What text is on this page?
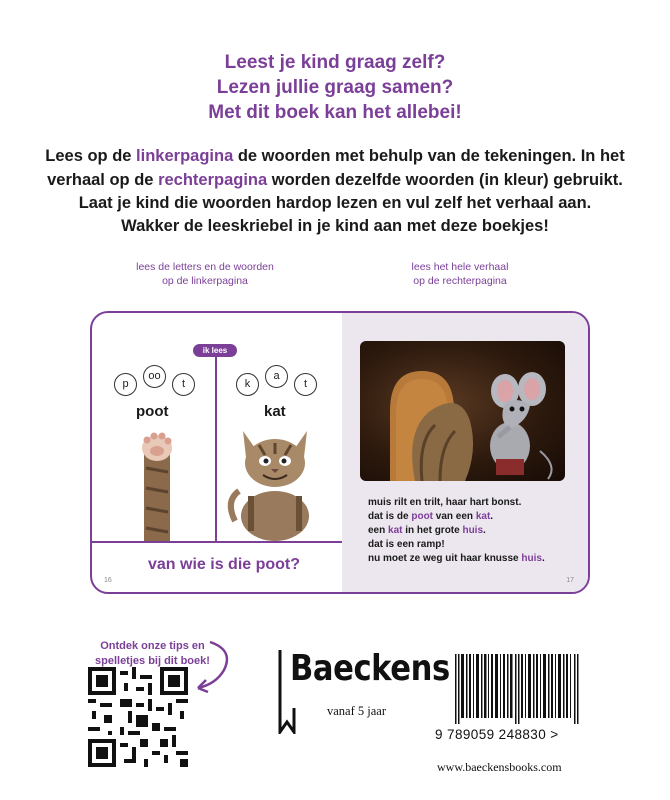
Leest je kind graag zelf?
Lezen jullie graag samen?
Met dit boek kan het allebei!
Lees op de linkerpagina de woorden met behulp van de tekeningen. In het
verhaal op de rechterpagina worden dezelfde woorden (in kleur) gebruikt.
Laat je kind die woorden hardop lezen en vul zelf het verhaal aan.
Wakker de leeskriebel in je kind aan met deze boekjes!
lees de letters en de woorden
op de linkerpagina
lees het hele verhaal
op de rechterpagina
muis rilt en trilt, haar hart bonst.
dat is de poot van een kat.
een kat in het grote huis.
dat is een ramp!
nu moet ze weg uit haar knusse huis.
17
ik lees
p
oo
t
poot
k
a
t
kat
van wie is die poot?
16
Ontdek onze tips en
spelletjes bij dit boek! Baeckens
vanaf 5 jaar
9 789059 248830 >
www.baeckensbooks.com
